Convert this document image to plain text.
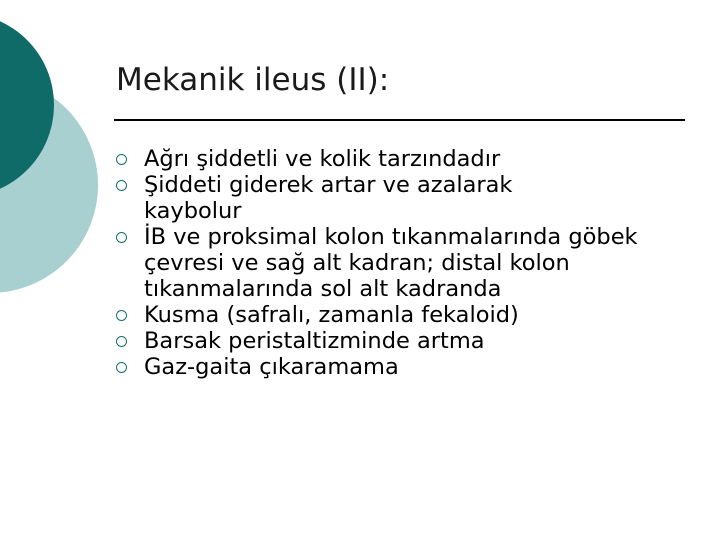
Mekanik ileus (II):
Ağrı şiddetli ve kolik tarzındadır
Şiddeti giderek artar ve azalarak kaybolur
İB ve proksimal kolon tıkanmalarında göbek çevresi ve sağ alt kadran; distal kolon tıkanmalarında sol alt kadranda
Kusma (safralı, zamanla fekaloid)
Barsak peristaltizminde artma
Gaz-gaita çıkaramama
